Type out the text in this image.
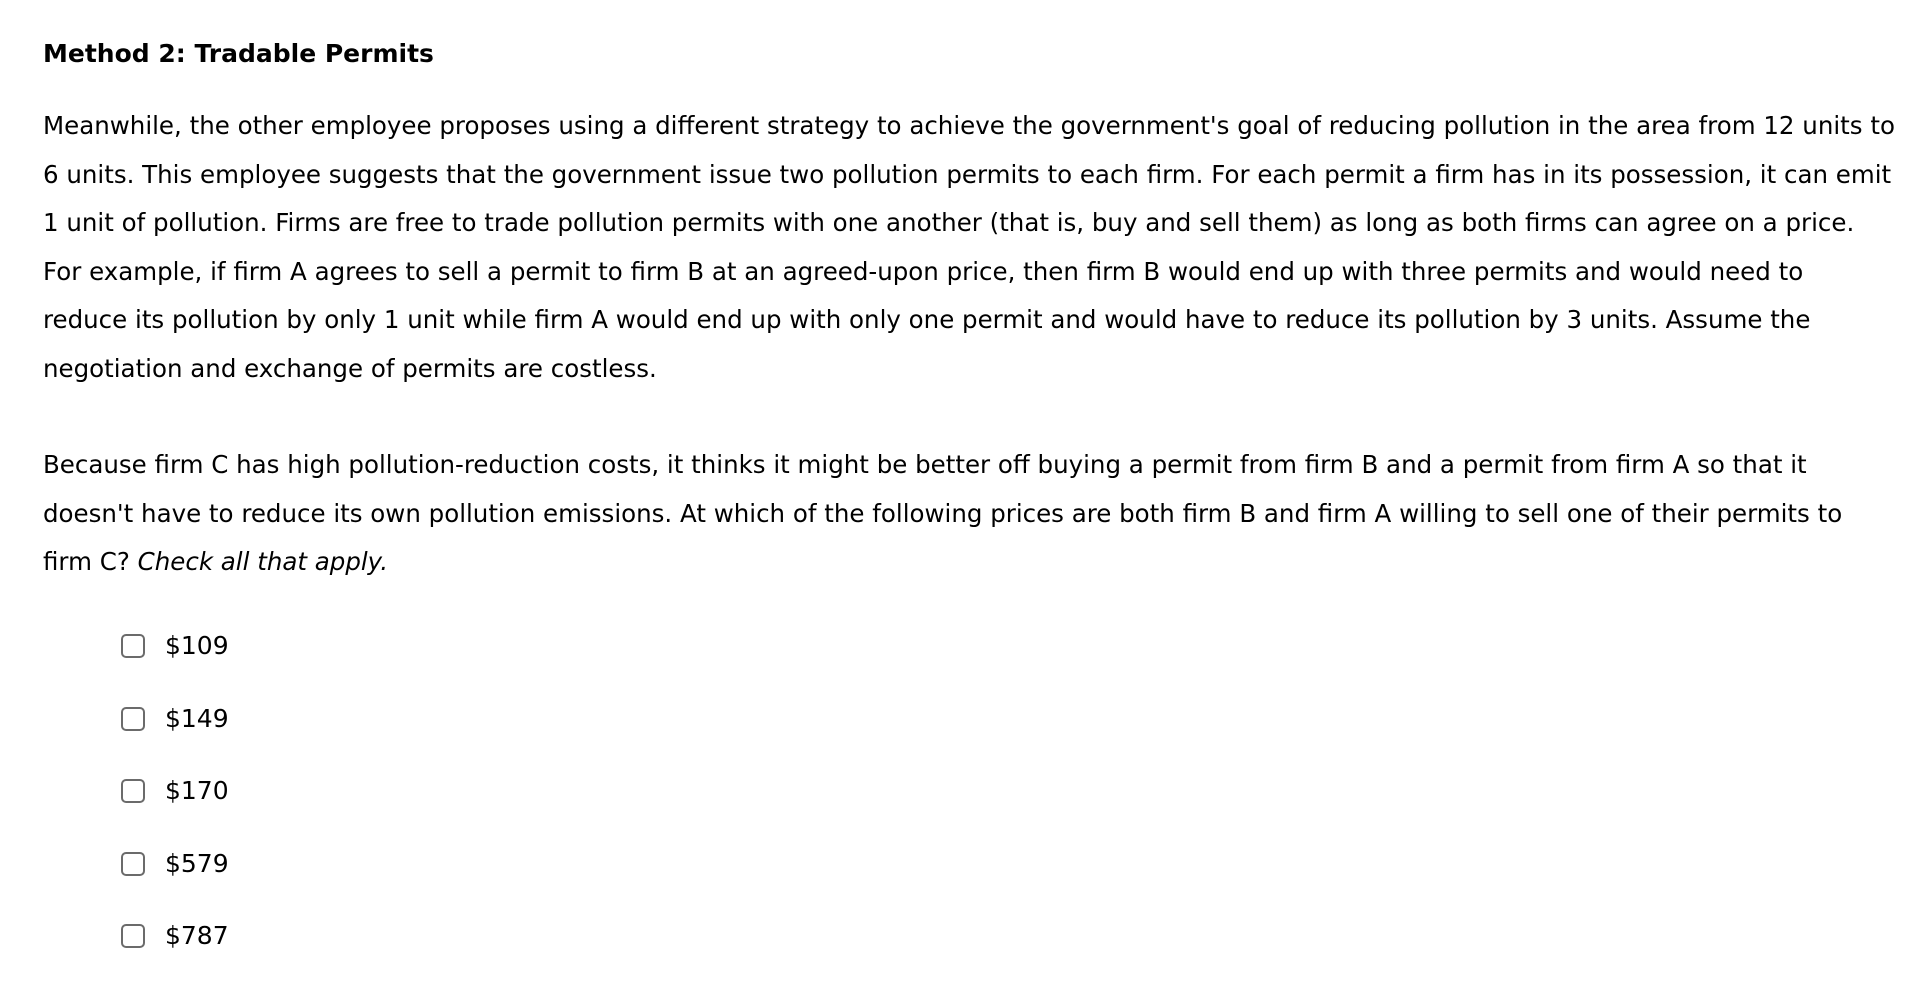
Method 2: Tradable Permits

Meanwhile, the other employee proposes using a different strategy to achieve the government's goal of reducing pollution in the area from 12 units to
6 units. This employee suggests that the government issue two pollution permits to each firm. For each permit a firm has in its possession, it can emit
1 unit of pollution. Firms are free to trade pollution permits with one another (that is, buy and sell them) as long as both firms can agree on a price.
For example, if firm A agrees to sell a permit to firm B at an agreed-upon price, then firm B would end up with three permits and would need to
reduce its pollution by only 1 unit while firm A would end up with only one permit and would have to reduce its pollution by 3 units. Assume the
negotiation and exchange of permits are costless.

Because firm C has high pollution-reduction costs, it thinks it might be better off buying a permit from firm B and a permit from firm A so that it
doesn't have to reduce its own pollution emissions. At which of the following prices are both firm B and firm A willing to sell one of their permits to
firm C? Check all that apply.

$109
$149
$170
$579
$787
